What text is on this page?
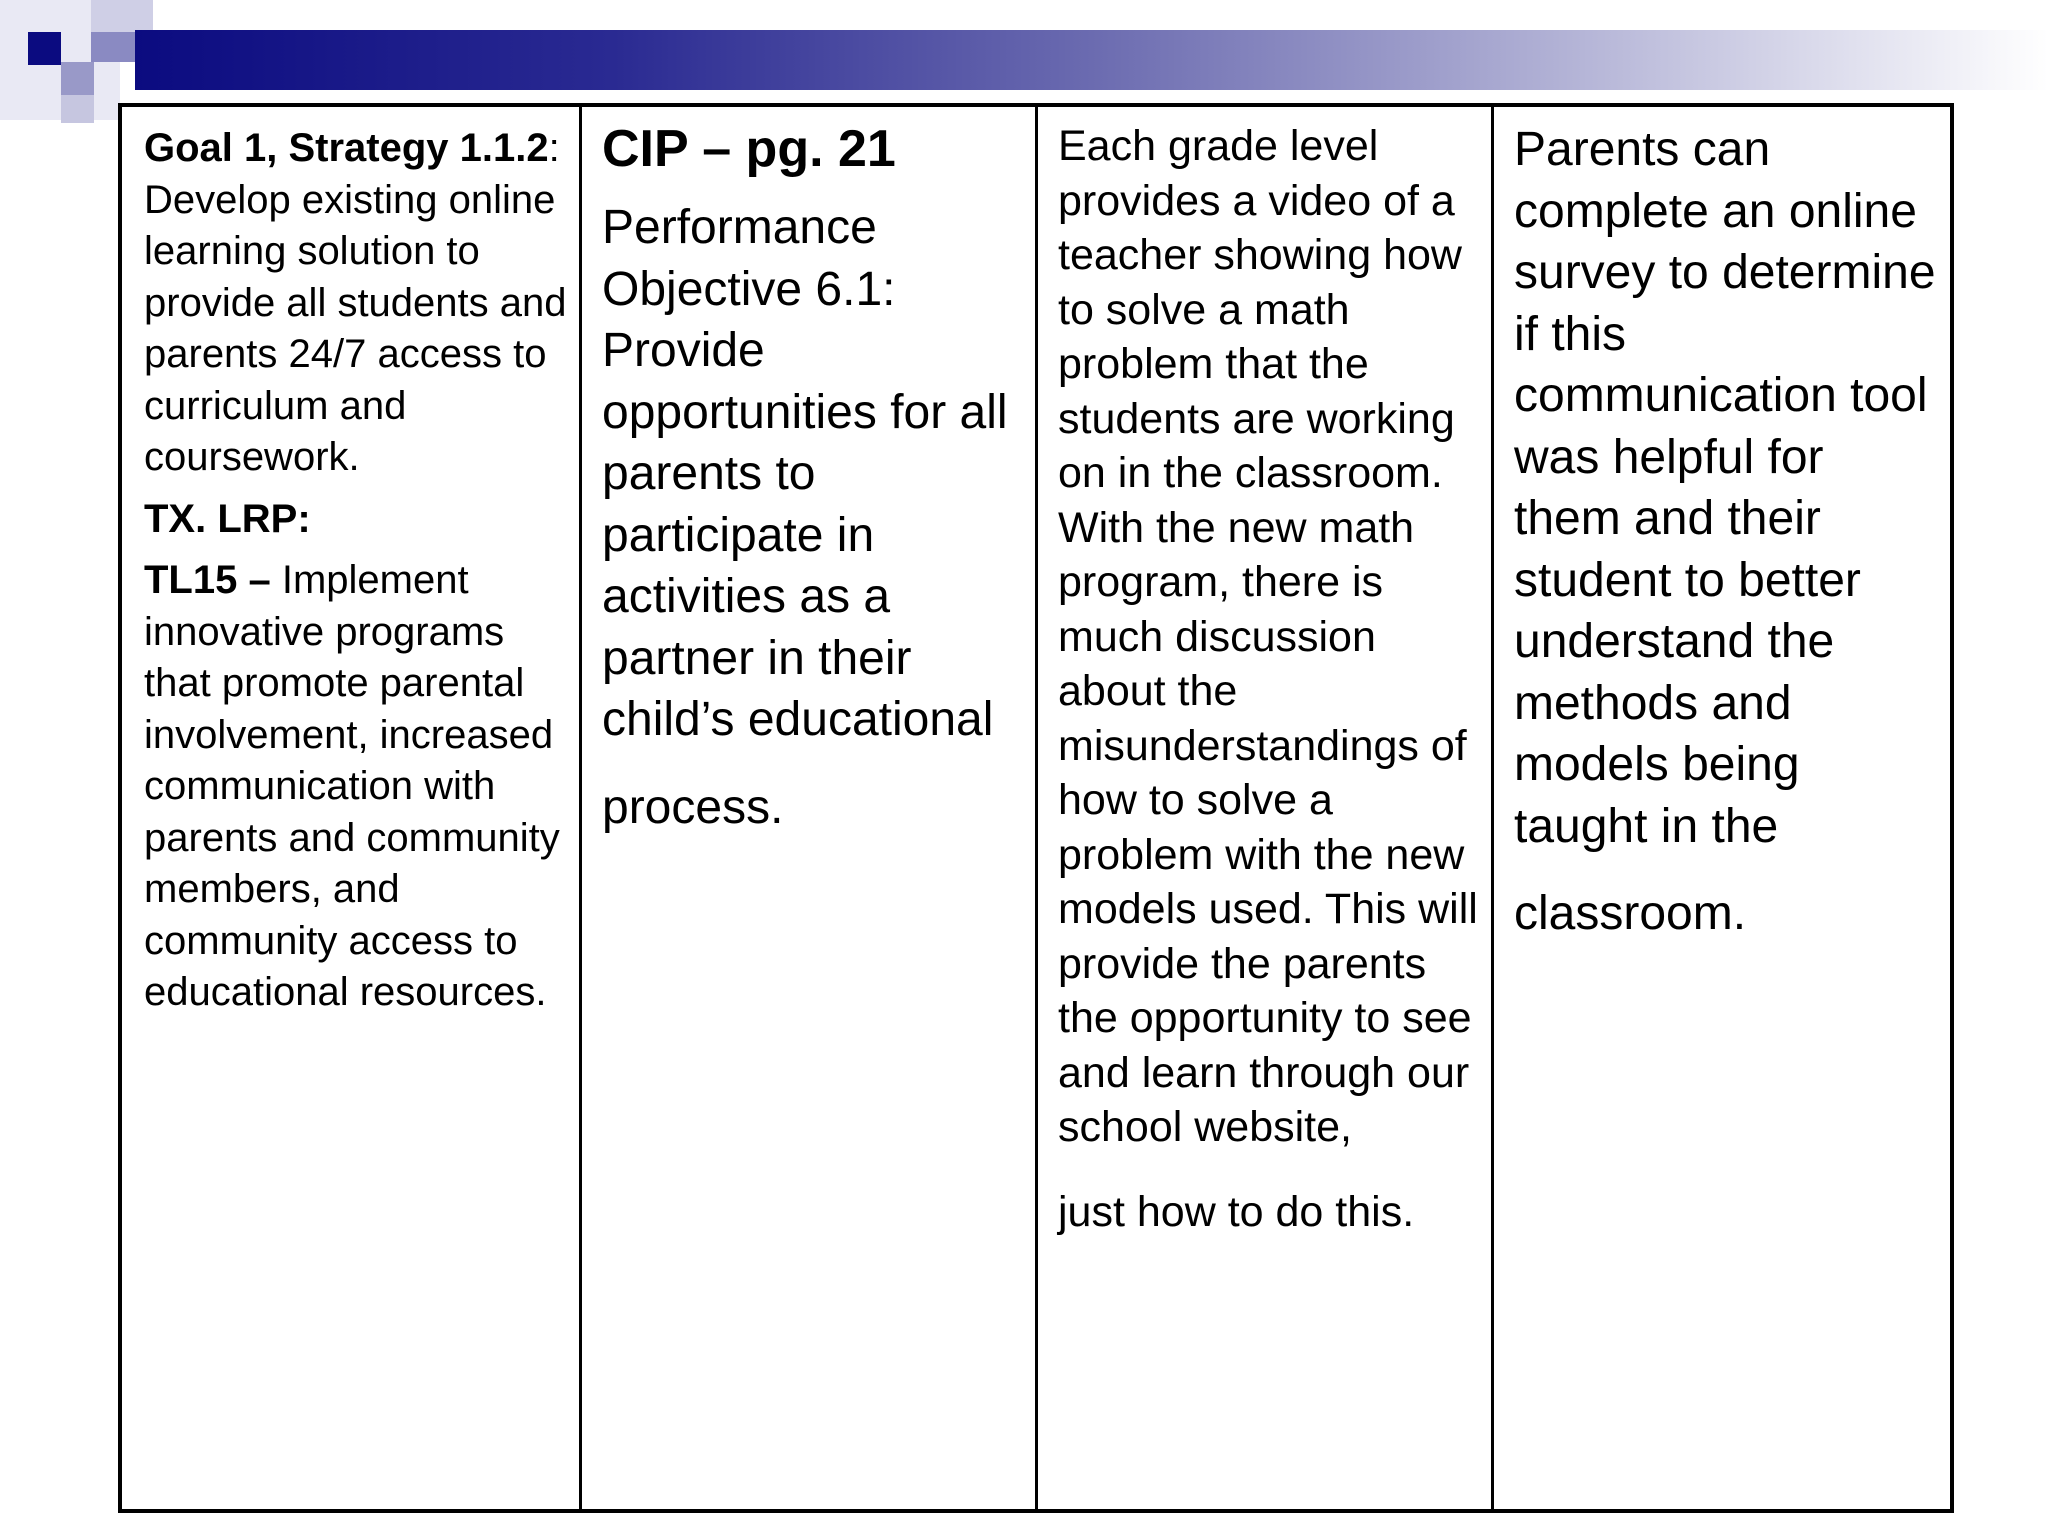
Goal 1, Strategy 1.1.2: Develop existing online learning solution to provide all students and parents 24/7 access to curriculum and coursework.

TX. LRP:

TL15 – Implement innovative programs that promote parental involvement, increased communication with parents and community members, and community access to educational resources.

CIP – pg. 21

Performance Objective 6.1: Provide opportunities for all parents to participate in activities as a partner in their child’s educational

process.

Each grade level provides a video of a teacher showing how to solve a math problem that the students are working on in the classroom. With the new math program, there is much discussion about the misunderstandings of how to solve a problem with the new models used. This will provide the parents the opportunity to see and learn through our school website,

just how to do this.

Parents can complete an online survey to determine if this communication tool was helpful for them and their student to better understand the methods and models being taught in the

classroom.
